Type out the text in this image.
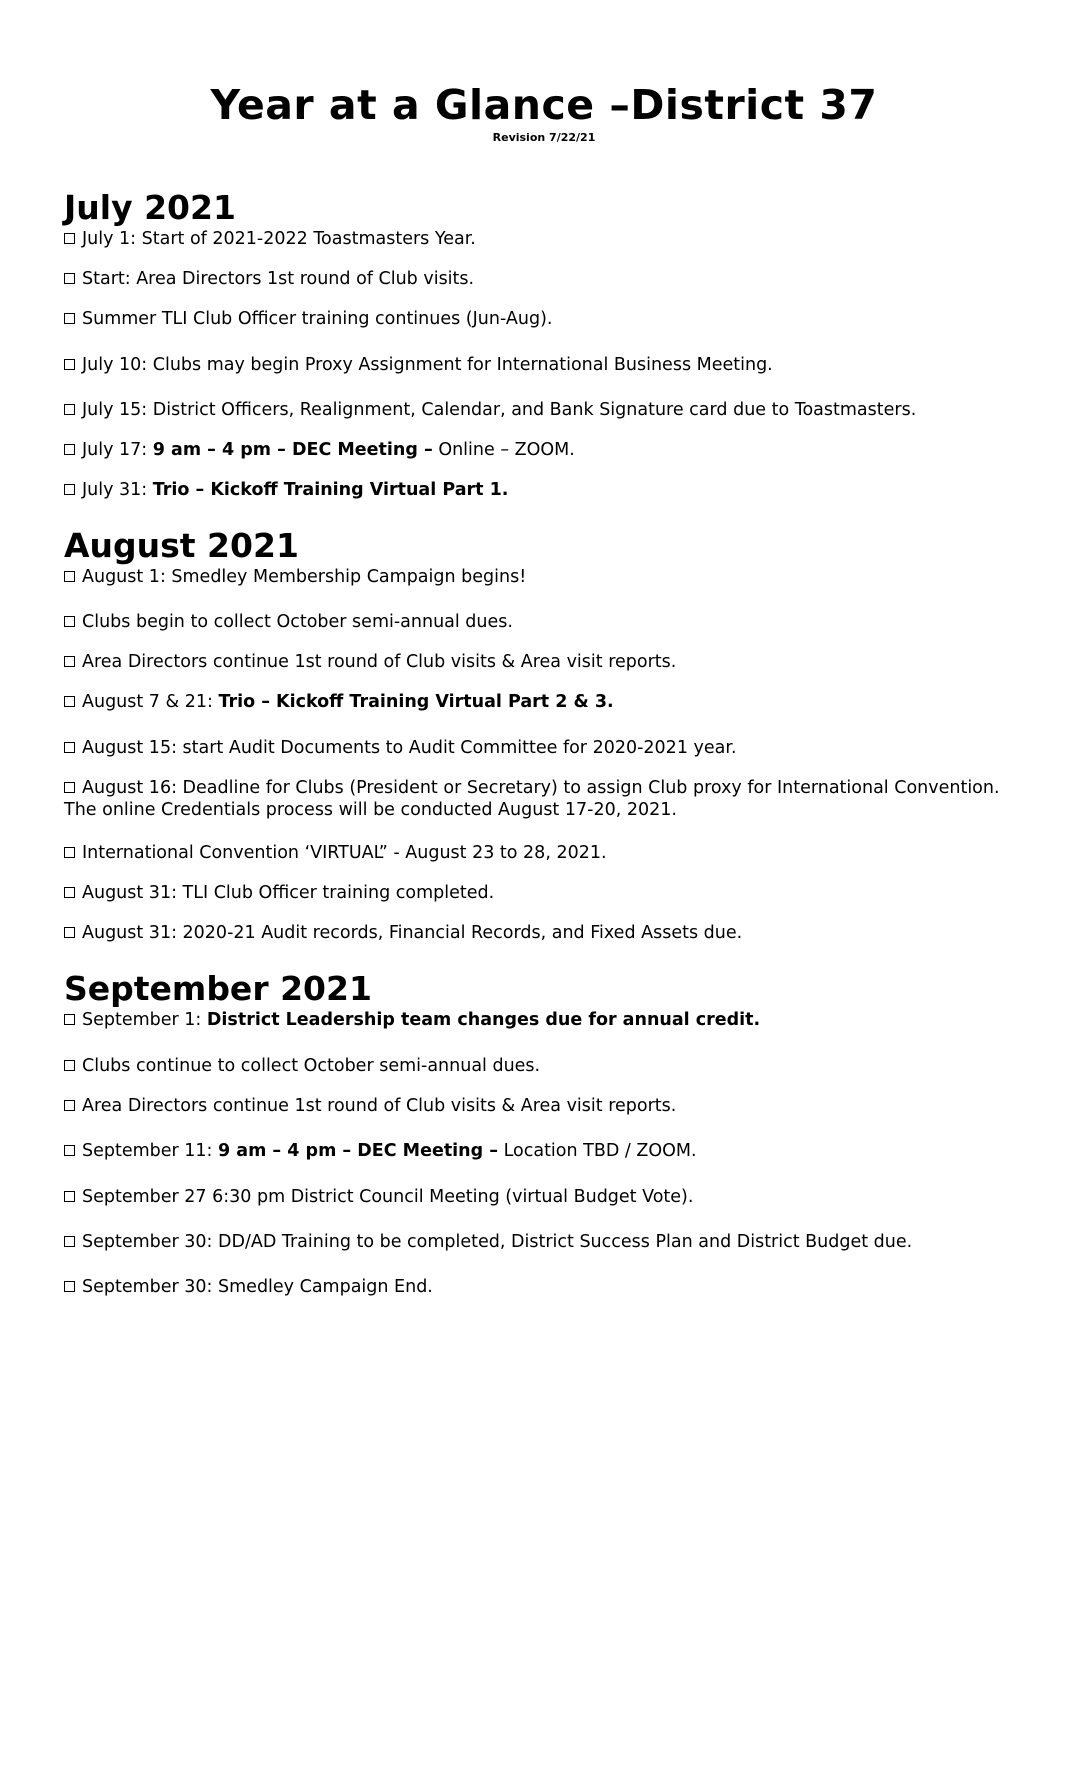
Year at a Glance –District 37
Revision 7/22/21
July 2021
July 1: Start of 2021-2022 Toastmasters Year.
Start: Area Directors 1st round of Club visits.
Summer TLI Club Officer training continues (Jun-Aug).
July 10: Clubs may begin Proxy Assignment for International Business Meeting.
July 15: District Officers, Realignment, Calendar, and Bank Signature card due to Toastmasters.
July 17: 9 am – 4 pm – DEC Meeting – Online – ZOOM.
July 31: Trio – Kickoff Training Virtual Part 1.
August 2021
August 1: Smedley Membership Campaign begins!
Clubs begin to collect October semi-annual dues.
Area Directors continue 1st round of Club visits & Area visit reports.
August 7 & 21: Trio – Kickoff Training Virtual Part 2 & 3.
August 15: start Audit Documents to Audit Committee for 2020-2021 year.
August 16: Deadline for Clubs (President or Secretary) to assign Club proxy for International Convention. The online Credentials process will be conducted August 17-20, 2021.
International Convention ‘VIRTUAL” - August 23 to 28, 2021.
August 31: TLI Club Officer training completed.
August 31: 2020-21 Audit records, Financial Records, and Fixed Assets due.
September 2021
September 1: District Leadership team changes due for annual credit.
Clubs continue to collect October semi-annual dues.
Area Directors continue 1st round of Club visits & Area visit reports.
September 11: 9 am – 4 pm – DEC Meeting – Location TBD / ZOOM.
September 27 6:30 pm District Council Meeting (virtual Budget Vote).
September 30: DD/AD Training to be completed, District Success Plan and District Budget due.
September 30: Smedley Campaign End.
